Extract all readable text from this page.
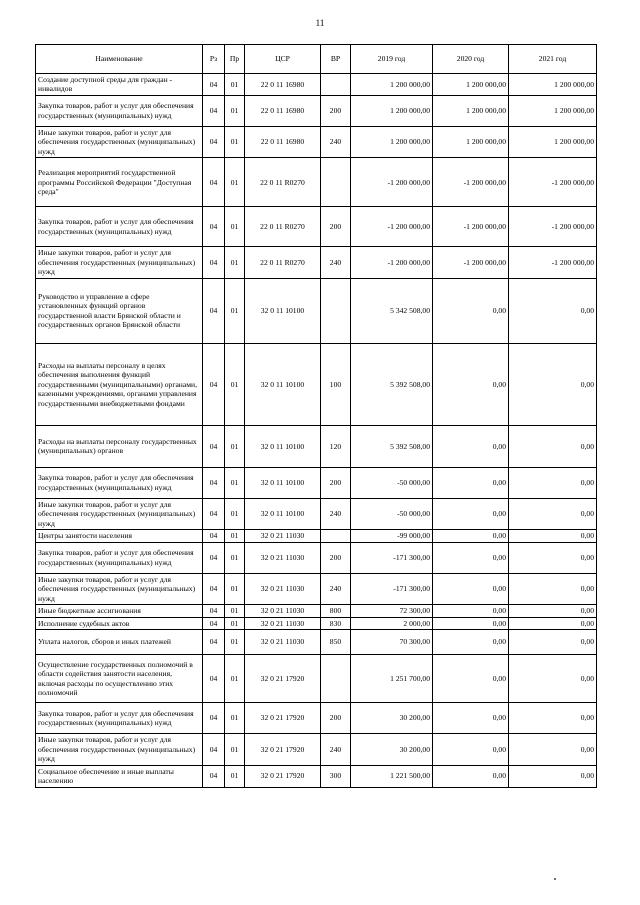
11
Наименование	Рз	Пр	ЦСР	ВР	2019 год	2020 год	2021 год
Создание доступной среды для граждан - инвалидов	04	01	22 0 11 16980		1 200 000,00	1 200 000,00	1 200 000,00
Закупка товаров, работ и услуг для обеспечения государственных (муниципальных) нужд	04	01	22 0 11 16980	200	1 200 000,00	1 200 000,00	1 200 000,00
Иные закупки товаров, работ и услуг для обеспечения государственных (муниципальных) нужд	04	01	22 0 11 16980	240	1 200 000,00	1 200 000,00	1 200 000,00
Реализация мероприятий государственной программы Российской Федерации "Доступная среда"	04	01	22 0 11 R0270		-1 200 000,00	-1 200 000,00	-1 200 000,00
Закупка товаров, работ и услуг для обеспечения государственных (муниципальных) нужд	04	01	22 0 11 R0270	200	-1 200 000,00	-1 200 000,00	-1 200 000,00
Иные закупки товаров, работ и услуг для обеспечения государственных (муниципальных) нужд	04	01	22 0 11 R0270	240	-1 200 000,00	-1 200 000,00	-1 200 000,00
Руководство и управление в сфере установленных функций органов государственной власти Брянской области и государственных органов Брянской области	04	01	32 0 11 10100		5 342 508,00	0,00	0,00
Расходы на выплаты персоналу в целях обеспечения выполнения функций государственными (муниципальными) органами, казенными учреждениями, органами управления государственными внебюджетными фондами	04	01	32 0 11 10100	100	5 392 508,00	0,00	0,00
Расходы на выплаты персоналу государственных (муниципальных) органов	04	01	32 0 11 10100	120	5 392 508,00	0,00	0,00
Закупка товаров, работ и услуг для обеспечения государственных (муниципальных) нужд	04	01	32 0 11 10100	200	-50 000,00	0,00	0,00
Иные закупки товаров, работ и услуг для обеспечения государственных (муниципальных) нужд	04	01	32 0 11 10100	240	-50 000,00	0,00	0,00
Центры занятости населения	04	01	32 0 21 11030		-99 000,00	0,00	0,00
Закупка товаров, работ и услуг для обеспечения государственных (муниципальных) нужд	04	01	32 0 21 11030	200	-171 300,00	0,00	0,00
Иные закупки товаров, работ и услуг для обеспечения государственных (муниципальных) нужд	04	01	32 0 21 11030	240	-171 300,00	0,00	0,00
Иные бюджетные ассигнования	04	01	32 0 21 11030	800	72 300,00	0,00	0,00
Исполнение судебных актов	04	01	32 0 21 11030	830	2 000,00	0,00	0,00
Уплата налогов, сборов и иных платежей	04	01	32 0 21 11030	850	70 300,00	0,00	0,00
Осуществление государственных полномочий в области содействия занятости населения, включая расходы по осуществлению этих полномочий	04	01	32 0 21 17920		1 251 700,00	0,00	0,00
Закупка товаров, работ и услуг для обеспечения государственных (муниципальных) нужд	04	01	32 0 21 17920	200	30 200,00	0,00	0,00
Иные закупки товаров, работ и услуг для обеспечения государственных (муниципальных) нужд	04	01	32 0 21 17920	240	30 200,00	0,00	0,00
Социальное обеспечение и иные выплаты населению	04	01	32 0 21 17920	300	1 221 500,00	0,00	0,00
